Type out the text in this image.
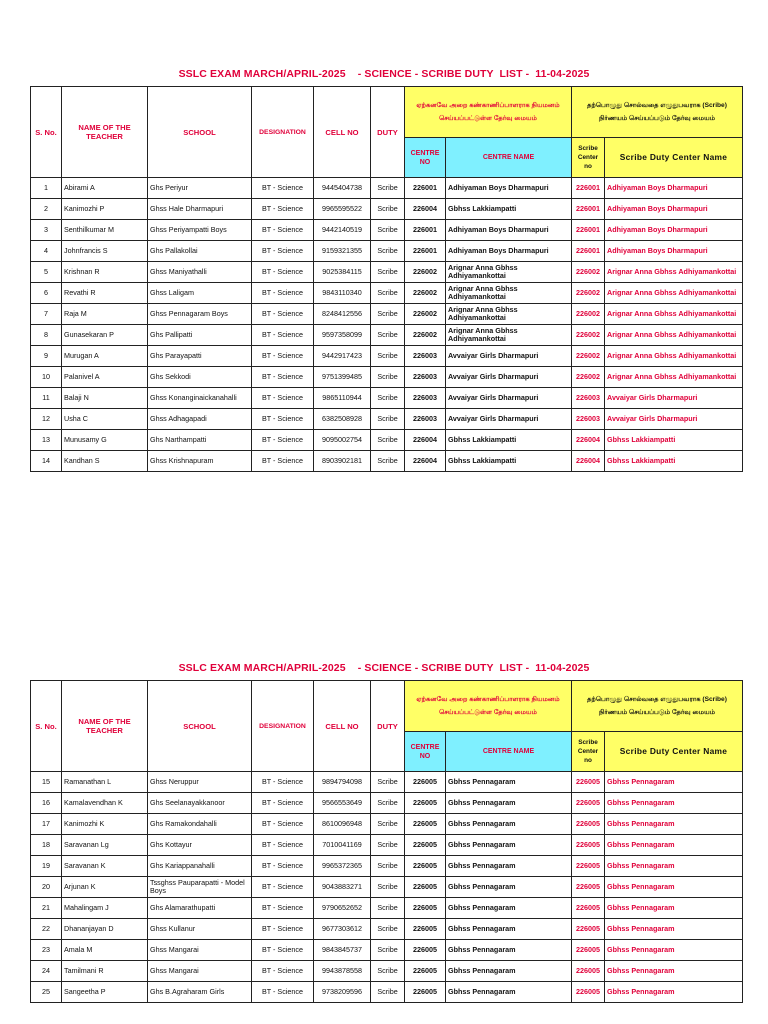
SSLC EXAM MARCH/APRIL-2025    - SCIENCE - SCRIBE DUTY  LIST -  11-04-2025
S. No.	NAME OF THE TEACHER	SCHOOL	DESIGNATION	CELL NO	DUTY	ஏற்கனவே அறை கண்காணிப்பாளராக நியமனம் செய்யப்பட்டுள்ள தேர்வு மையம்		தற்பொழுது சொல்வதை எழுதுபவராக (Scribe) நிர்ணயம் செய்யப்படும் தேர்வு மையம்	
						CENTRE NO	CENTRE NAME	Scribe Center no	Scribe Duty Center Name
1	Abirami A	Ghs Periyur	BT - Science	9445404738	Scribe	226001	Adhiyaman Boys Dharmapuri	226001	Adhiyaman Boys Dharmapuri
2	Kanimozhi P	Ghss Hale Dharmapuri	BT - Science	9965595522	Scribe	226004	Gbhss Lakkiampatti	226001	Adhiyaman Boys Dharmapuri
3	Senthilkumar M	Ghss Periyampatti Boys	BT - Science	9442140519	Scribe	226001	Adhiyaman Boys Dharmapuri	226001	Adhiyaman Boys Dharmapuri
4	Johnfrancis S	Ghs Pallakollai	BT - Science	9159321355	Scribe	226001	Adhiyaman Boys Dharmapuri	226001	Adhiyaman Boys Dharmapuri
5	Krishnan R	Ghss Maniyathalli	BT - Science	9025384115	Scribe	226002	Arignar Anna Gbhss Adhiyamankottai	226002	Arignar Anna Gbhss Adhiyamankottai
6	Revathi R	Ghss Laligam	BT - Science	9843110340	Scribe	226002	Arignar Anna Gbhss Adhiyamankottai	226002	Arignar Anna Gbhss Adhiyamankottai
7	Raja M	Ghss Pennagaram Boys	BT - Science	8248412556	Scribe	226002	Arignar Anna Gbhss Adhiyamankottai	226002	Arignar Anna Gbhss Adhiyamankottai
8	Gunasekaran P	Ghs Pallipatti	BT - Science	9597358099	Scribe	226002	Arignar Anna Gbhss Adhiyamankottai	226002	Arignar Anna Gbhss Adhiyamankottai
9	Murugan A	Ghs Parayapatti	BT - Science	9442917423	Scribe	226003	Avvaiyar Girls Dharmapuri	226002	Arignar Anna Gbhss Adhiyamankottai
10	Palanivel A	Ghs Sekkodi	BT - Science	9751399485	Scribe	226003	Avvaiyar Girls Dharmapuri	226002	Arignar Anna Gbhss Adhiyamankottai
11	Balaji N	Ghss Konanginaickanahalli	BT - Science	9865110944	Scribe	226003	Avvaiyar Girls Dharmapuri	226003	Avvaiyar Girls Dharmapuri
12	Usha C	Ghss Adhagapadi	BT - Science	6382508928	Scribe	226003	Avvaiyar Girls Dharmapuri	226003	Avvaiyar Girls Dharmapuri
13	Munusamy G	Ghs Narthampatti	BT - Science	9095002754	Scribe	226004	Gbhss Lakkiampatti	226004	Gbhss Lakkiampatti
14	Kandhan S	Ghss Krishnapuram	BT - Science	8903902181	Scribe	226004	Gbhss Lakkiampatti	226004	Gbhss Lakkiampatti
SSLC EXAM MARCH/APRIL-2025    - SCIENCE - SCRIBE DUTY  LIST -  11-04-2025
S. No.	NAME OF THE TEACHER	SCHOOL	DESIGNATION	CELL NO	DUTY	ஏற்கனவே அறை கண்காணிப்பாளராக நியமனம் செய்யப்பட்டுள்ள தேர்வு மையம்		தற்பொழுது சொல்வதை எழுதுபவராக (Scribe) நிர்ணயம் செய்யப்படும் தேர்வு மையம்	
						CENTRE NO	CENTRE NAME	Scribe Center no	Scribe Duty Center Name
15	Ramanathan L	Ghss Neruppur	BT - Science	9894794098	Scribe	226005	Gbhss Pennagaram	226005	Gbhss Pennagaram
16	Kamalavendhan K	Ghs Seelanayakkanoor	BT - Science	9566553649	Scribe	226005	Gbhss Pennagaram	226005	Gbhss Pennagaram
17	Kanimozhi K	Ghs Ramakondahalli	BT - Science	8610096948	Scribe	226005	Gbhss Pennagaram	226005	Gbhss Pennagaram
18	Saravanan Lg	Ghs Kottayur	BT - Science	7010041169	Scribe	226005	Gbhss Pennagaram	226005	Gbhss Pennagaram
19	Saravanan K	Ghs Kariappanahalli	BT - Science	9965372365	Scribe	226005	Gbhss Pennagaram	226005	Gbhss Pennagaram
20	Arjunan K	Tssghss Pauparapatti - Model Boys	BT - Science	9043883271	Scribe	226005	Gbhss Pennagaram	226005	Gbhss Pennagaram
21	Mahalingam J	Ghs Alamarathupatti	BT - Science	9790652652	Scribe	226005	Gbhss Pennagaram	226005	Gbhss Pennagaram
22	Dhananjayan D	Ghss Kullanur	BT - Science	9677303612	Scribe	226005	Gbhss Pennagaram	226005	Gbhss Pennagaram
23	Amala M	Ghss Mangarai	BT - Science	9843845737	Scribe	226005	Gbhss Pennagaram	226005	Gbhss Pennagaram
24	Tamilmani R	Ghss Mangarai	BT - Science	9943878558	Scribe	226005	Gbhss Pennagaram	226005	Gbhss Pennagaram
25	Sangeetha P	Ghs B.Agraharam Girls	BT - Science	9738209596	Scribe	226005	Gbhss Pennagaram	226005	Gbhss Pennagaram
